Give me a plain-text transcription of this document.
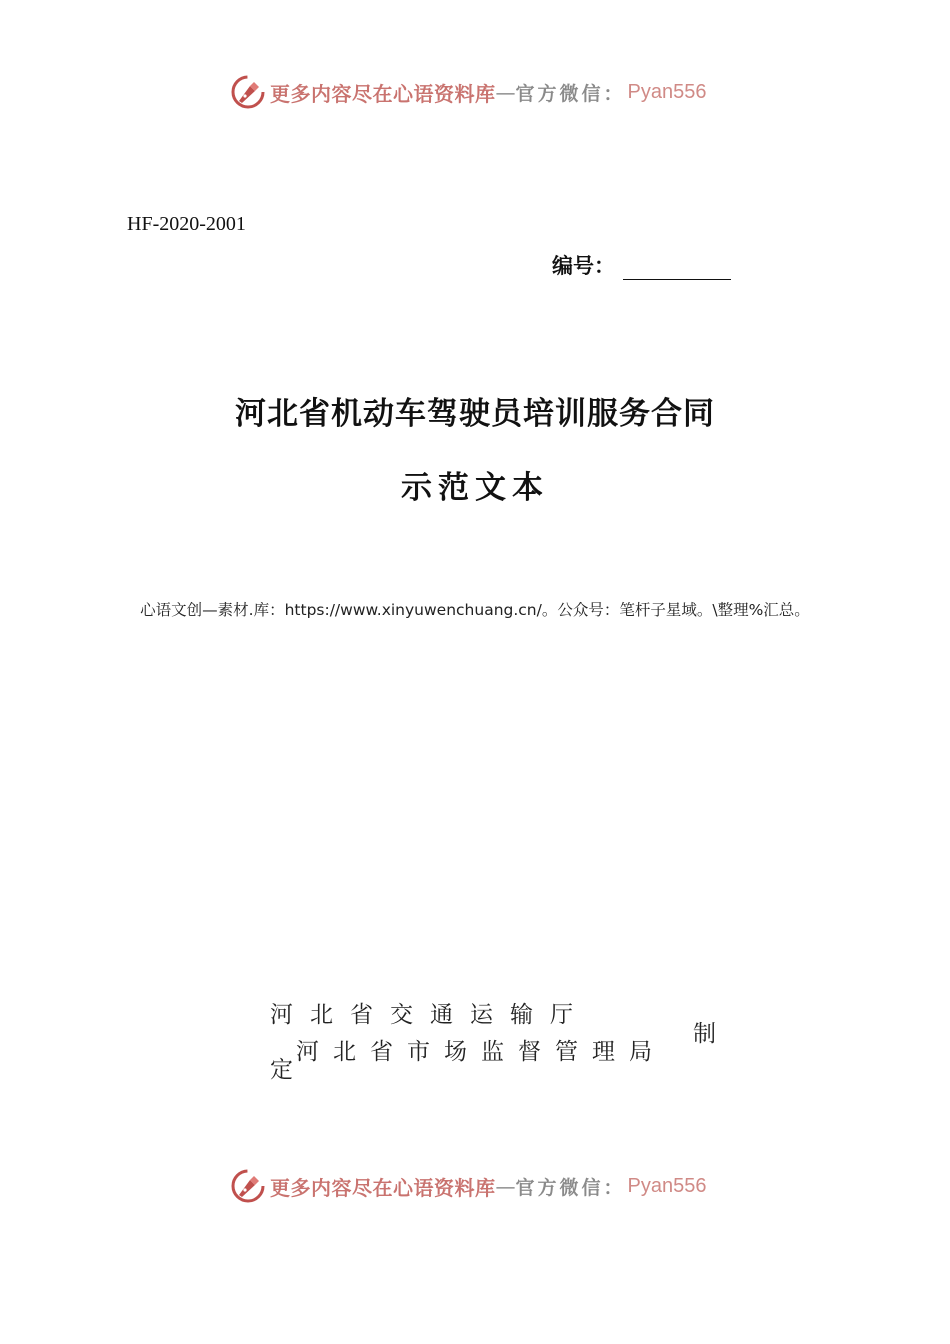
更多内容尽在心语资料库 — 官方微信： Pyan556
HF-2020-2001
编号：
河北省机动车驾驶员培训服务合同
示范文本
心语文创—素材.库：https://www.xinyuwenchuang.cn/。公众号：笔杆子星域。\整理%汇总。
河北省交通运输厅
制
河北省市场监督管理局
定
更多内容尽在心语资料库 — 官方微信： Pyan556
